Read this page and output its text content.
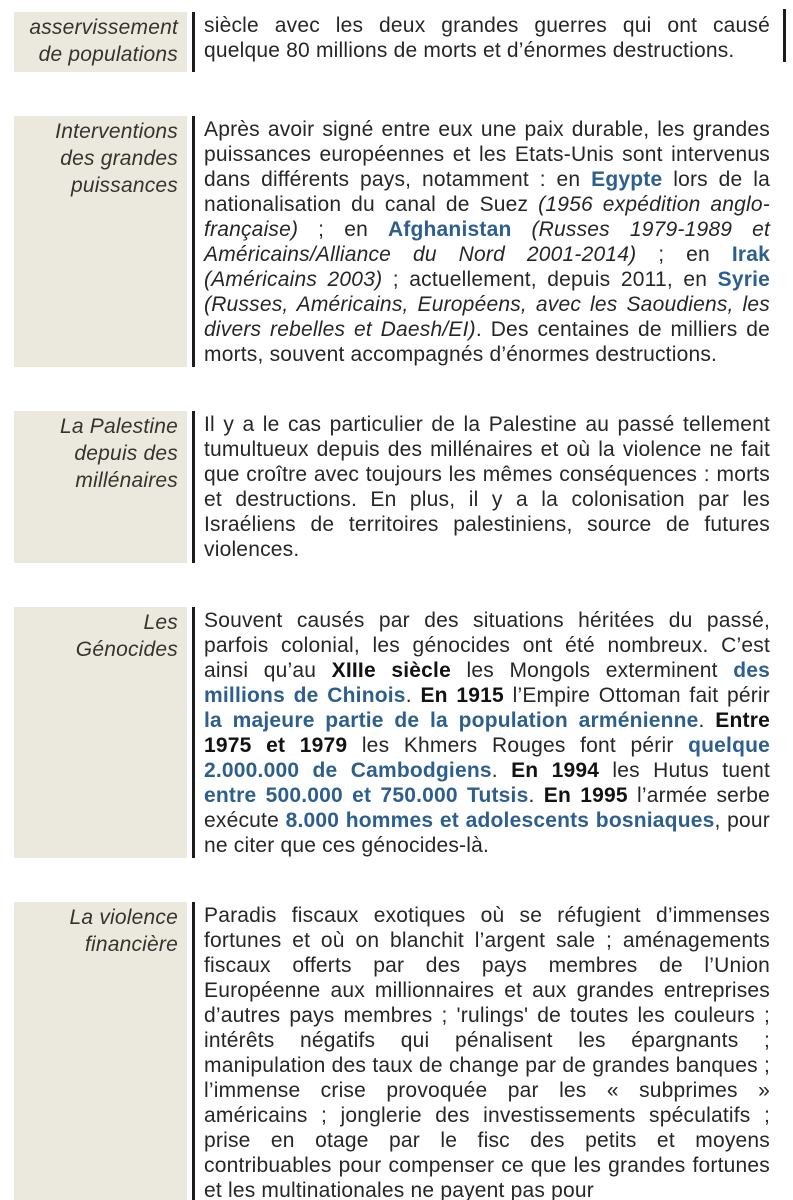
asservissement
de populations
siècle avec les deux grandes guerres qui ont causé quelque 80 millions de morts et d’énormes destructions.
Interventions
des grandes
puissances
Après avoir signé entre eux une paix durable, les grandes puissances européennes et les Etats-Unis sont intervenus dans différents pays, notamment : en Egypte lors de la nationalisation du canal de Suez (1956 expédition anglo-française) ; en Afghanistan (Russes 1979-1989 et Américains/Alliance du Nord 2001-2014) ; en Irak (Américains 2003) ; actuellement, depuis 2011, en Syrie (Russes, Américains, Européens, avec les Saoudiens, les divers rebelles et Daesh/EI). Des centaines de milliers de morts, souvent accompagnés d’énormes destructions.
La Palestine
depuis des
millénaires
Il y a le cas particulier de la Palestine au passé tellement tumultueux depuis des millénaires et où la violence ne fait que croître avec toujours les mêmes conséquences : morts et destructions. En plus, il y a la colonisation par les Israéliens de territoires palestiniens, source de futures violences.
Les
Génocides
Souvent causés par des situations héritées du passé, parfois colonial, les génocides ont été nombreux. C’est ainsi qu’au XIIIe siècle les Mongols exterminent des millions de Chinois. En 1915 l’Empire Ottoman fait périr la majeure partie de la population arménienne. Entre 1975 et 1979 les Khmers Rouges font périr quelque 2.000.000 de Cambodgiens. En 1994 les Hutus tuent entre 500.000 et 750.000 Tutsis. En 1995 l’armée serbe exécute 8.000 hommes et adolescents bosniaques, pour ne citer que ces génocides-là.
La violence
financière
Paradis fiscaux exotiques où se réfugient d’immenses fortunes et où on blanchit l’argent sale ; aménagements fiscaux offerts par des pays membres de l’Union Européenne aux millionnaires et aux grandes entreprises d’autres pays membres ; 'rulings' de toutes les couleurs ; intérêts négatifs qui pénalisent les épargnants ; manipulation des taux de change par de grandes banques ; l’immense crise provoquée par les « subprimes » américains ; jonglerie des investissements spéculatifs ; prise en otage par le fisc des petits et moyens contribuables pour compenser ce que les grandes fortunes et les multinationales ne payent pas pour
